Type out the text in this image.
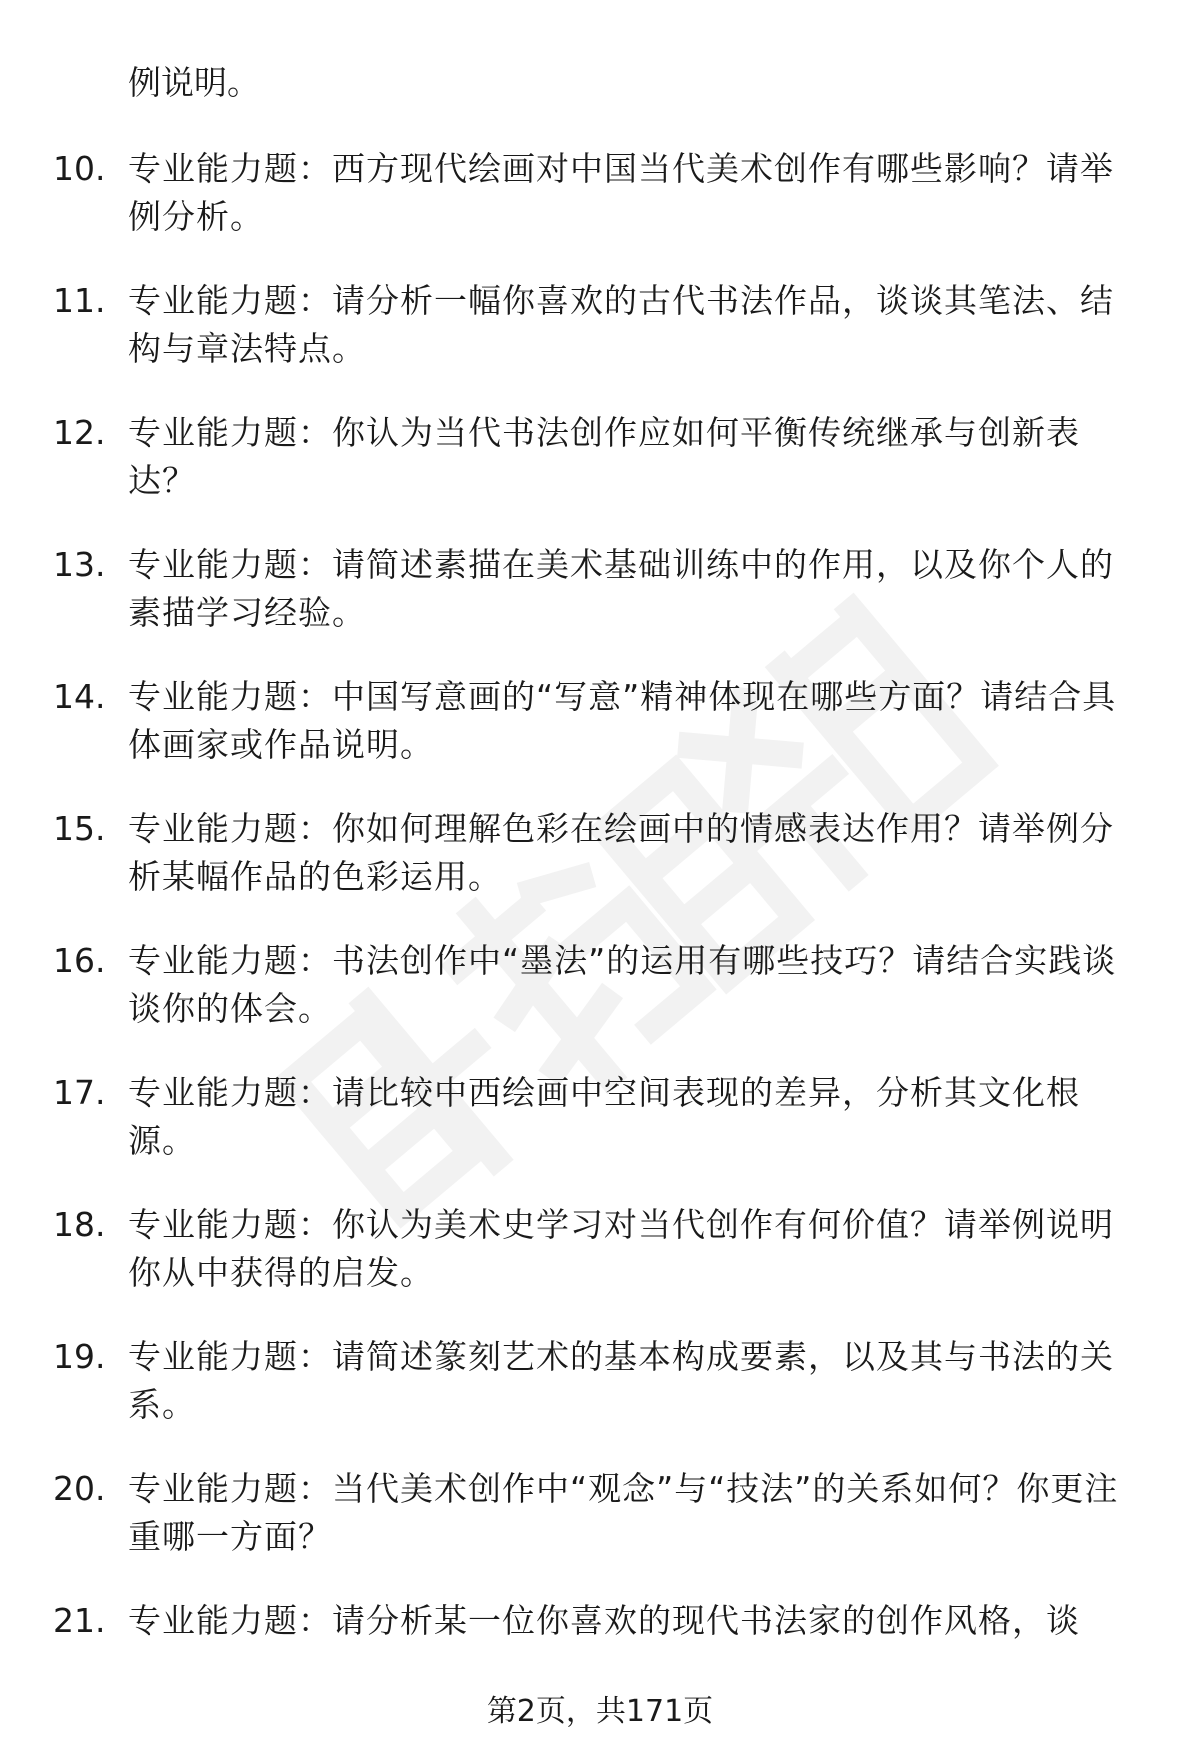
例说明。
10. 专业能力题：西方现代绘画对中国当代美术创作有哪些影响？请举例分析。
11. 专业能力题：请分析一幅你喜欢的古代书法作品，谈谈其笔法、结构与章法特点。
12. 专业能力题：你认为当代书法创作应如何平衡传统继承与创新表达？
13. 专业能力题：请简述素描在美术基础训练中的作用，以及你个人的素描学习经验。
14. 专业能力题：中国写意画的“写意”精神体现在哪些方面？请结合具体画家或作品说明。
15. 专业能力题：你如何理解色彩在绘画中的情感表达作用？请举例分析某幅作品的色彩运用。
16. 专业能力题：书法创作中“墨法”的运用有哪些技巧？请结合实践谈谈你的体会。
17. 专业能力题：请比较中西绘画中空间表现的差异，分析其文化根源。
18. 专业能力题：你认为美术史学习对当代创作有何价值？请举例说明你从中获得的启发。
19. 专业能力题：请简述篆刻艺术的基本构成要素，以及其与书法的关系。
20. 专业能力题：当代美术创作中“观念”与“技法”的关系如何？你更注重哪一方面？
21. 专业能力题：请分析某一位你喜欢的现代书法家的创作风格，谈
第2页，共171页
